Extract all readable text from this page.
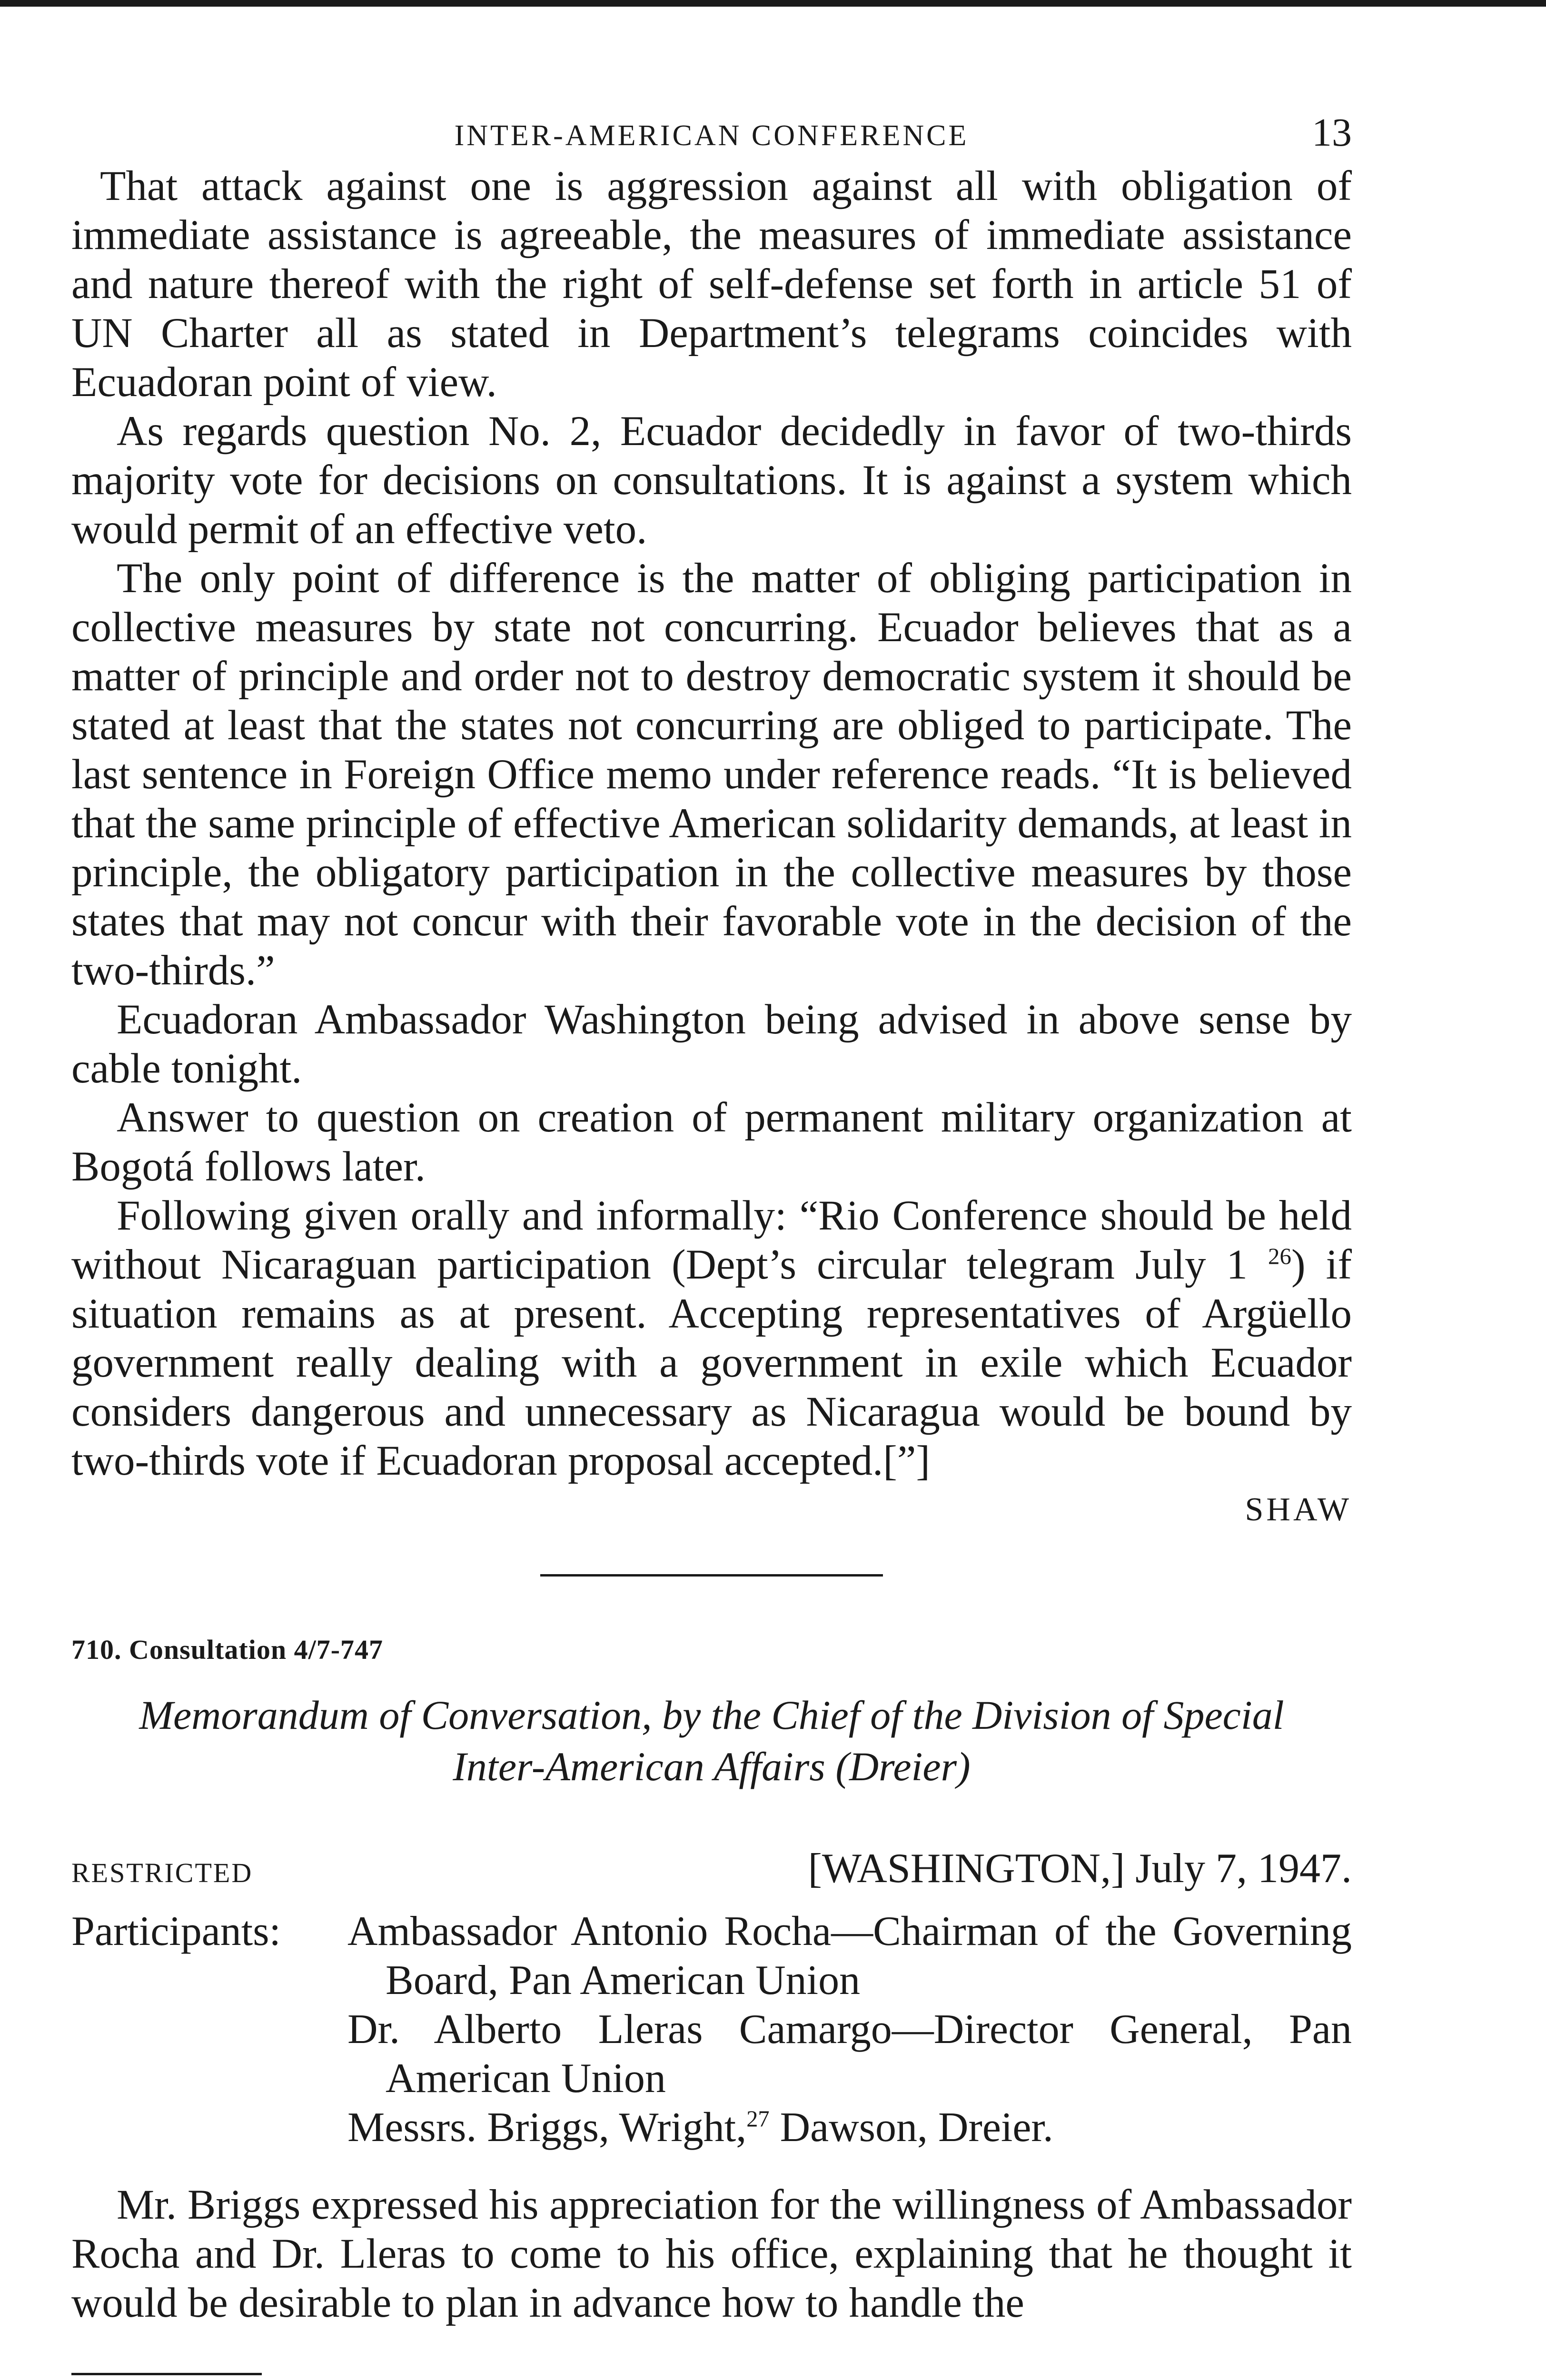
INTER-AMERICAN CONFERENCE	13

That attack against one is aggression against all with obligation of immediate assistance is agreeable, the measures of immediate assistance and nature thereof with the right of self-defense set forth in article 51 of UN Charter all as stated in Department’s telegrams coincides with Ecuadoran point of view.

As regards question No. 2, Ecuador decidedly in favor of two-thirds majority vote for decisions on consultations. It is against a system which would permit of an effective veto.

The only point of difference is the matter of obliging participation in collective measures by state not concurring. Ecuador believes that as a matter of principle and order not to destroy democratic system it should be stated at least that the states not concurring are obliged to participate. The last sentence in Foreign Office memo under reference reads. “It is believed that the same principle of effective American solidarity demands, at least in principle, the obligatory participation in the collective measures by those states that may not concur with their favorable vote in the decision of the two-thirds.”

Ecuadoran Ambassador Washington being advised in above sense by cable tonight.

Answer to question on creation of permanent military organization at Bogotá follows later.

Following given orally and informally: “Rio Conference should be held without Nicaraguan participation (Dept’s circular telegram July 1 $^{26}$) if situation remains as at present. Accepting representatives of Argüello government really dealing with a government in exile which Ecuador considers dangerous and unnecessary as Nicaragua would be bound by two-thirds vote if Ecuadoran proposal accepted.[”]

SHAW
710. Consultation 4/7-747
Memorandum of Conversation, by the Chief of the Division of Special
Inter-American Affairs (Dreier)
RESTRICTED	[WASHINGTON,] July 7, 1947.
Participants:	Ambassador Antonio Rocha—Chairman of the Governing Board, Pan American Union
Dr. Alberto Lleras Camargo—Director General, Pan American Union
Messrs. Briggs, Wright,$^{27}$ Dawson, Dreier.

Mr. Briggs expressed his appreciation for the willingness of Ambassador Rocha and Dr. Lleras to come to his office, explaining that he thought it would be desirable to plan in advance how to handle the
